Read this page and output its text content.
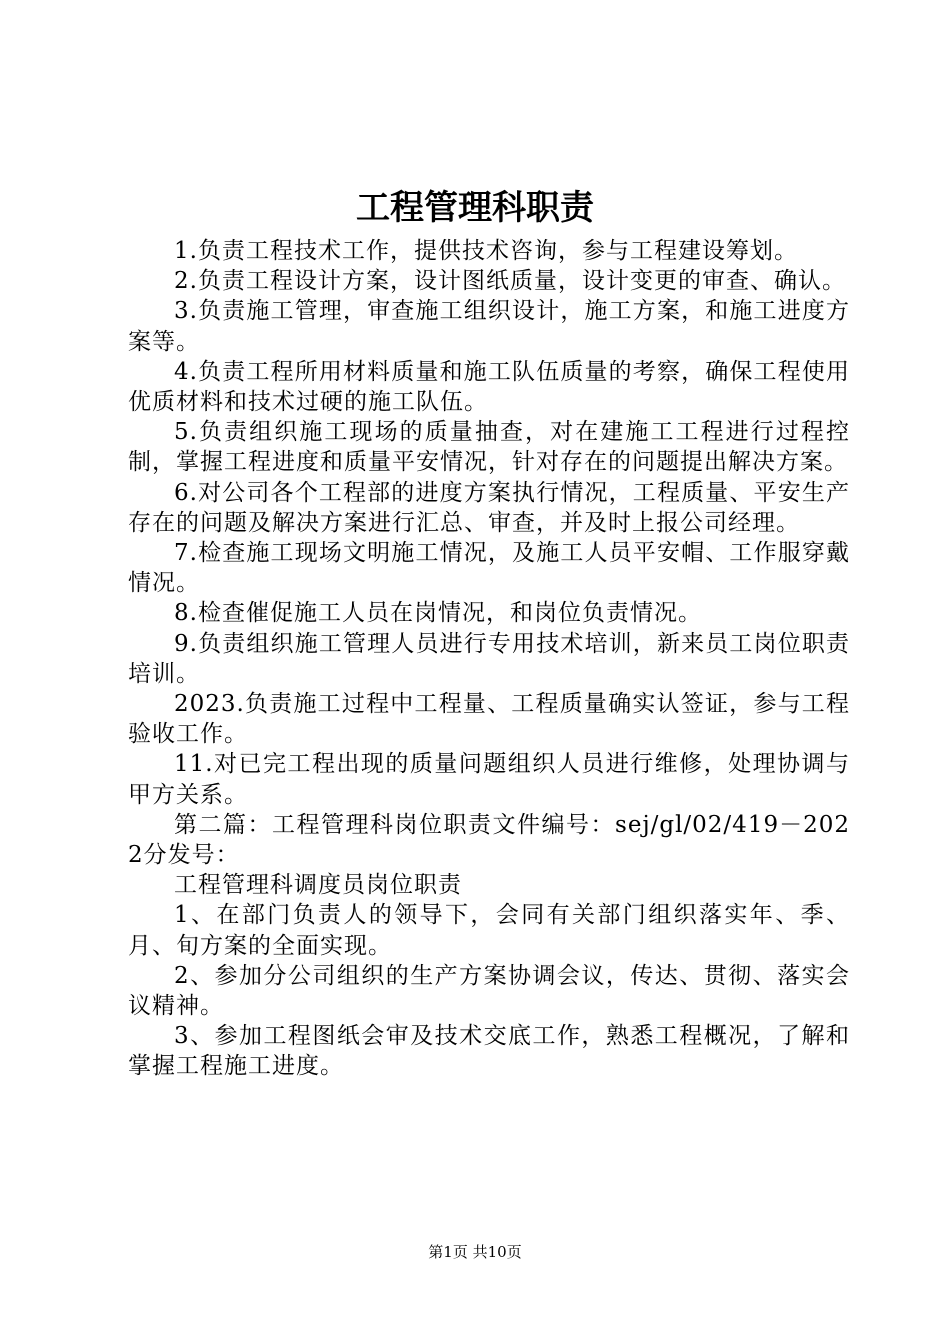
工程管理科职责

1.负责工程技术工作，提供技术咨询，参与工程建设筹划。

2.负责工程设计方案，设计图纸质量，设计变更的审查、确认。

3.负责施工管理，审查施工组织设计，施工方案，和施工进度方案等。

4.负责工程所用材料质量和施工队伍质量的考察，确保工程使用优质材料和技术过硬的施工队伍。

5.负责组织施工现场的质量抽查，对在建施工工程进行过程控制，掌握工程进度和质量平安情况，针对存在的问题提出解决方案。

6.对公司各个工程部的进度方案执行情况，工程质量、平安生产存在的问题及解决方案进行汇总、审查，并及时上报公司经理。

7.检查施工现场文明施工情况，及施工人员平安帽、工作服穿戴情况。

8.检查催促施工人员在岗情况，和岗位负责情况。

9.负责组织施工管理人员进行专用技术培训，新来员工岗位职责培训。

2023.负责施工过程中工程量、工程质量确实认签证，参与工程验收工作。

11.对已完工程出现的质量问题组织人员进行维修，处理协调与甲方关系。

第二篇：工程管理科岗位职责文件编号：sej/gl/02/419－2022分发号：

工程管理科调度员岗位职责

1、在部门负责人的领导下，会同有关部门组织落实年、季、月、旬方案的全面实现。

2、参加分公司组织的生产方案协调会议，传达、贯彻、落实会议精神。

3、参加工程图纸会审及技术交底工作，熟悉工程概况，了解和掌握工程施工进度。

第1页 共10页
